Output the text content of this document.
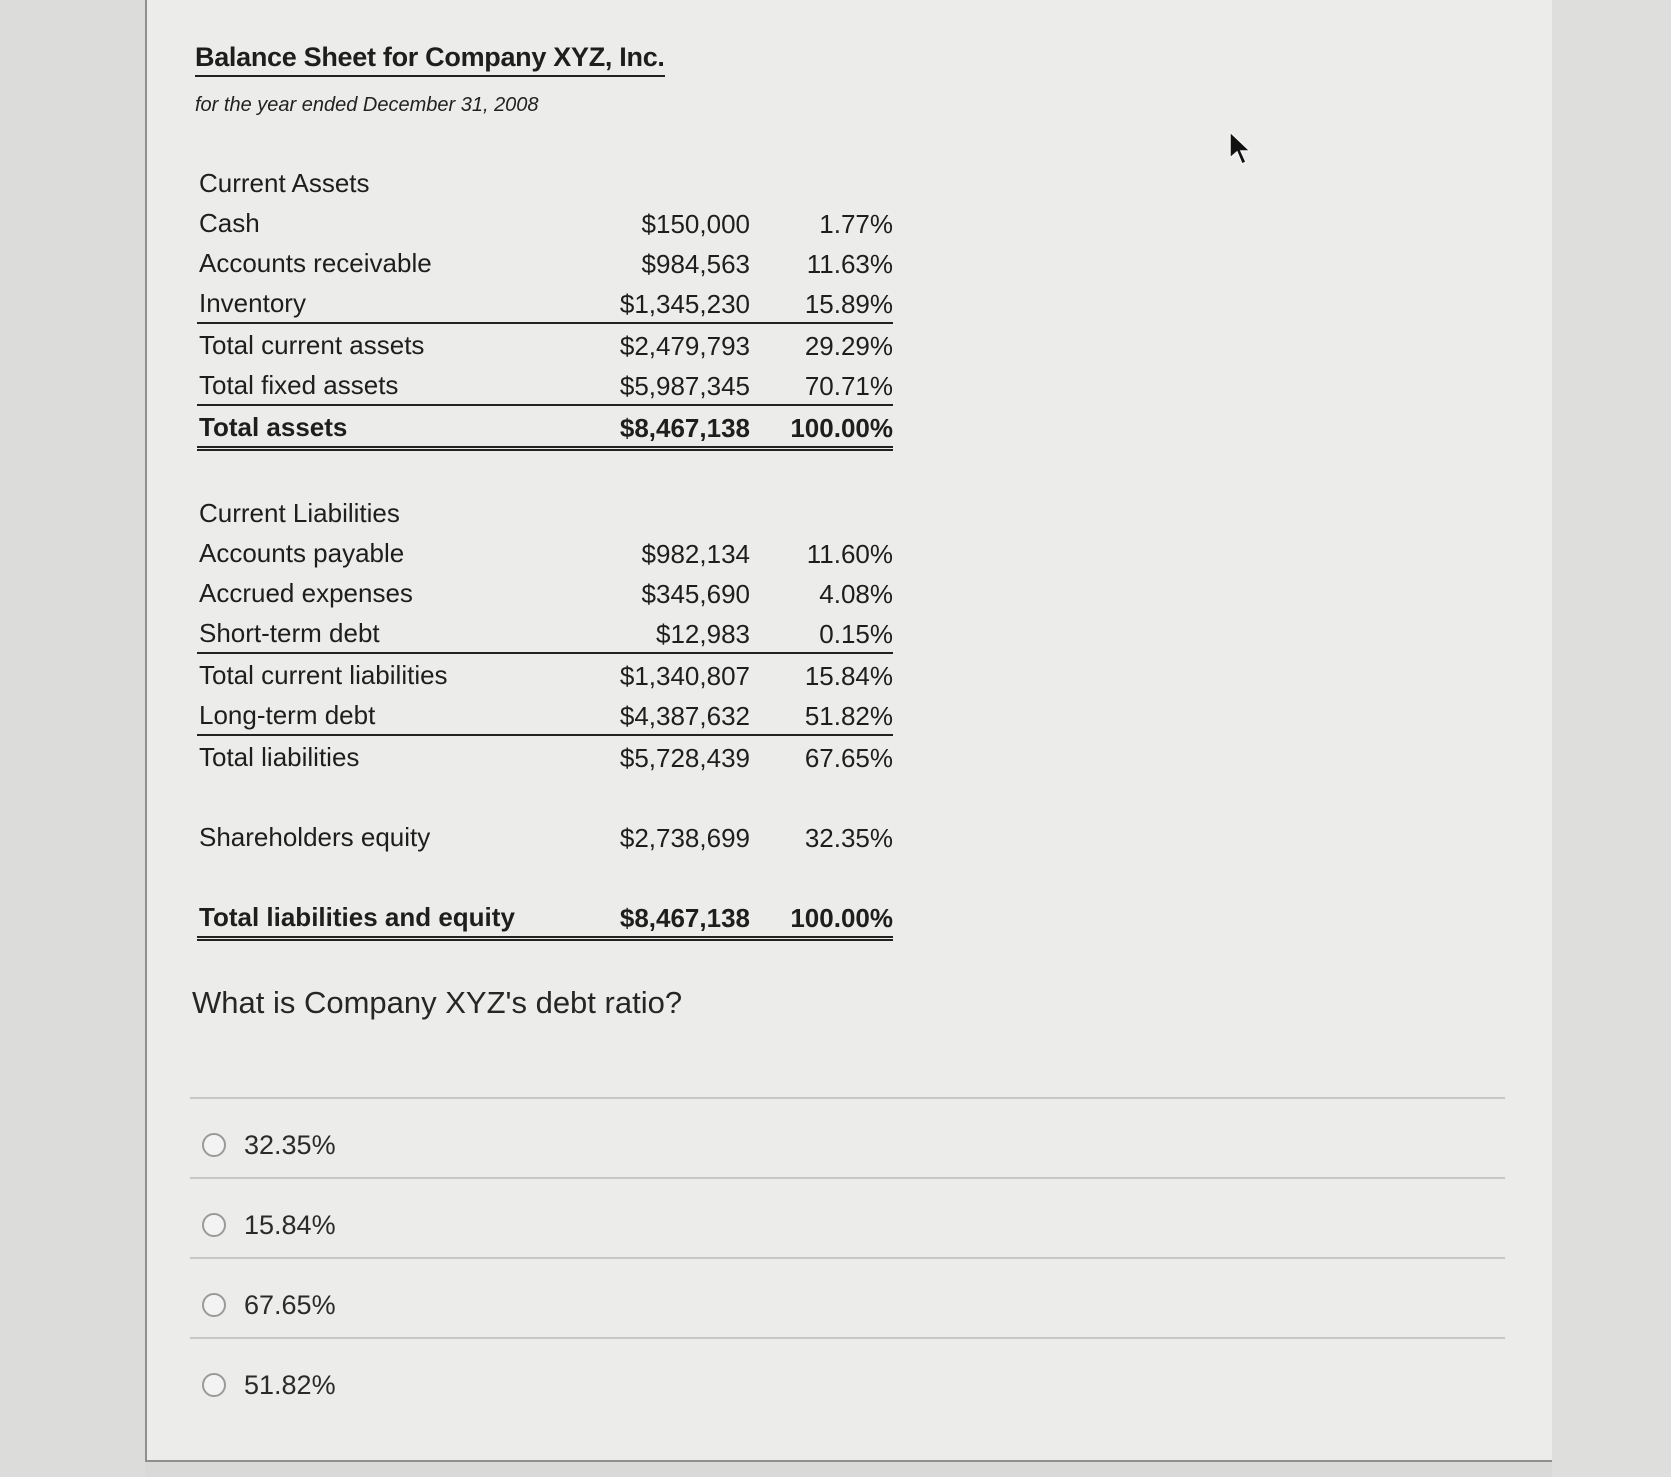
Balance Sheet for Company XYZ, Inc.
for the year ended December 31, 2008
Current Assets
Cash	$150,000	1.77%
Accounts receivable	$984,563 11.63%
Inventory	$1,345,230 15.89%
Total current assets	$2,479,793 29.29%
Total fixed assets	$5,987,345 70.71%
Total assets	$8,467,138 100.00%
Current Liabilities
Accounts payable	$982,134 11.60%
Accrued expenses	$345,690	4.08%
Short-term debt	$12,983	0.15%
Total current liabilities	$1,340,807 15.84%
Long-term debt	$4,387,632 51.82%
Total liabilities	$5,728,439 67.65%
Shareholders equity	$2,738,699 32.35%
Total liabilities and equity	$8,467,138 100.00%
What is Company XYZ's debt ratio?
32.35%
15.84%
67.65%
51.82%
